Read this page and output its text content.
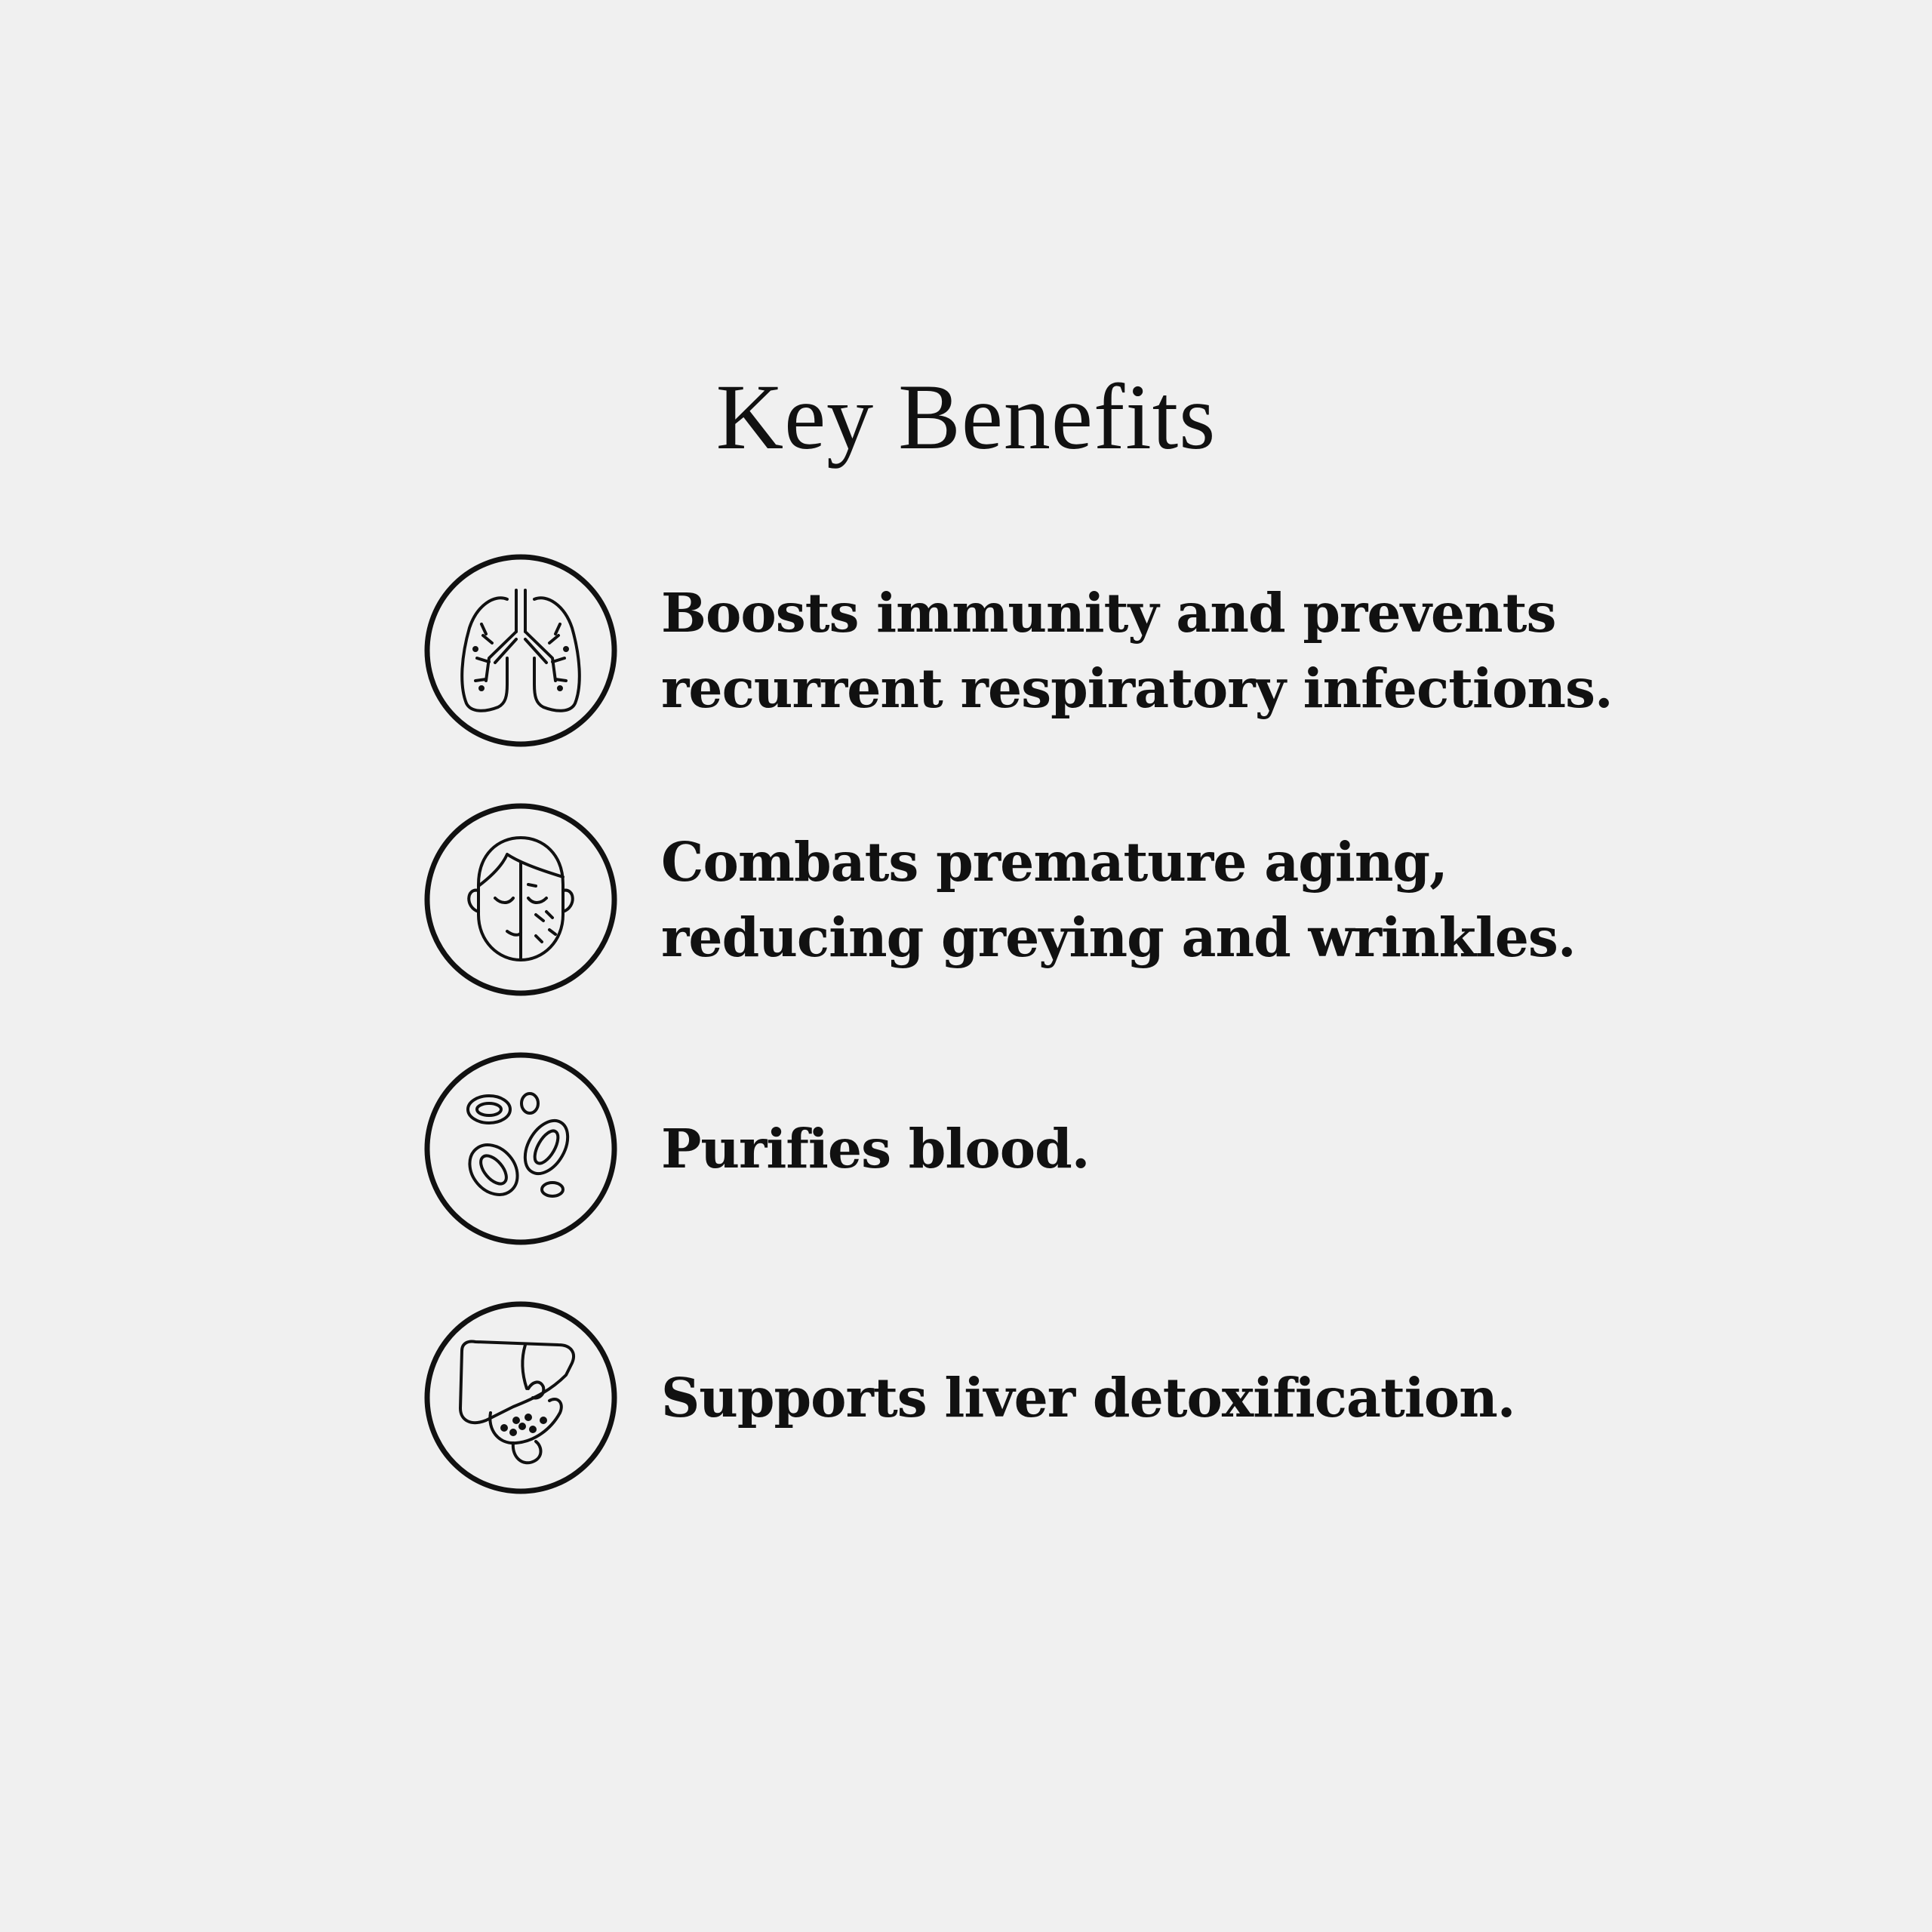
Key Benefits
Boosts immunity and prevents
recurrent respiratory infections.
Combats premature aging,
reducing greying and wrinkles.
Purifies blood.
Supports liver detoxification.
